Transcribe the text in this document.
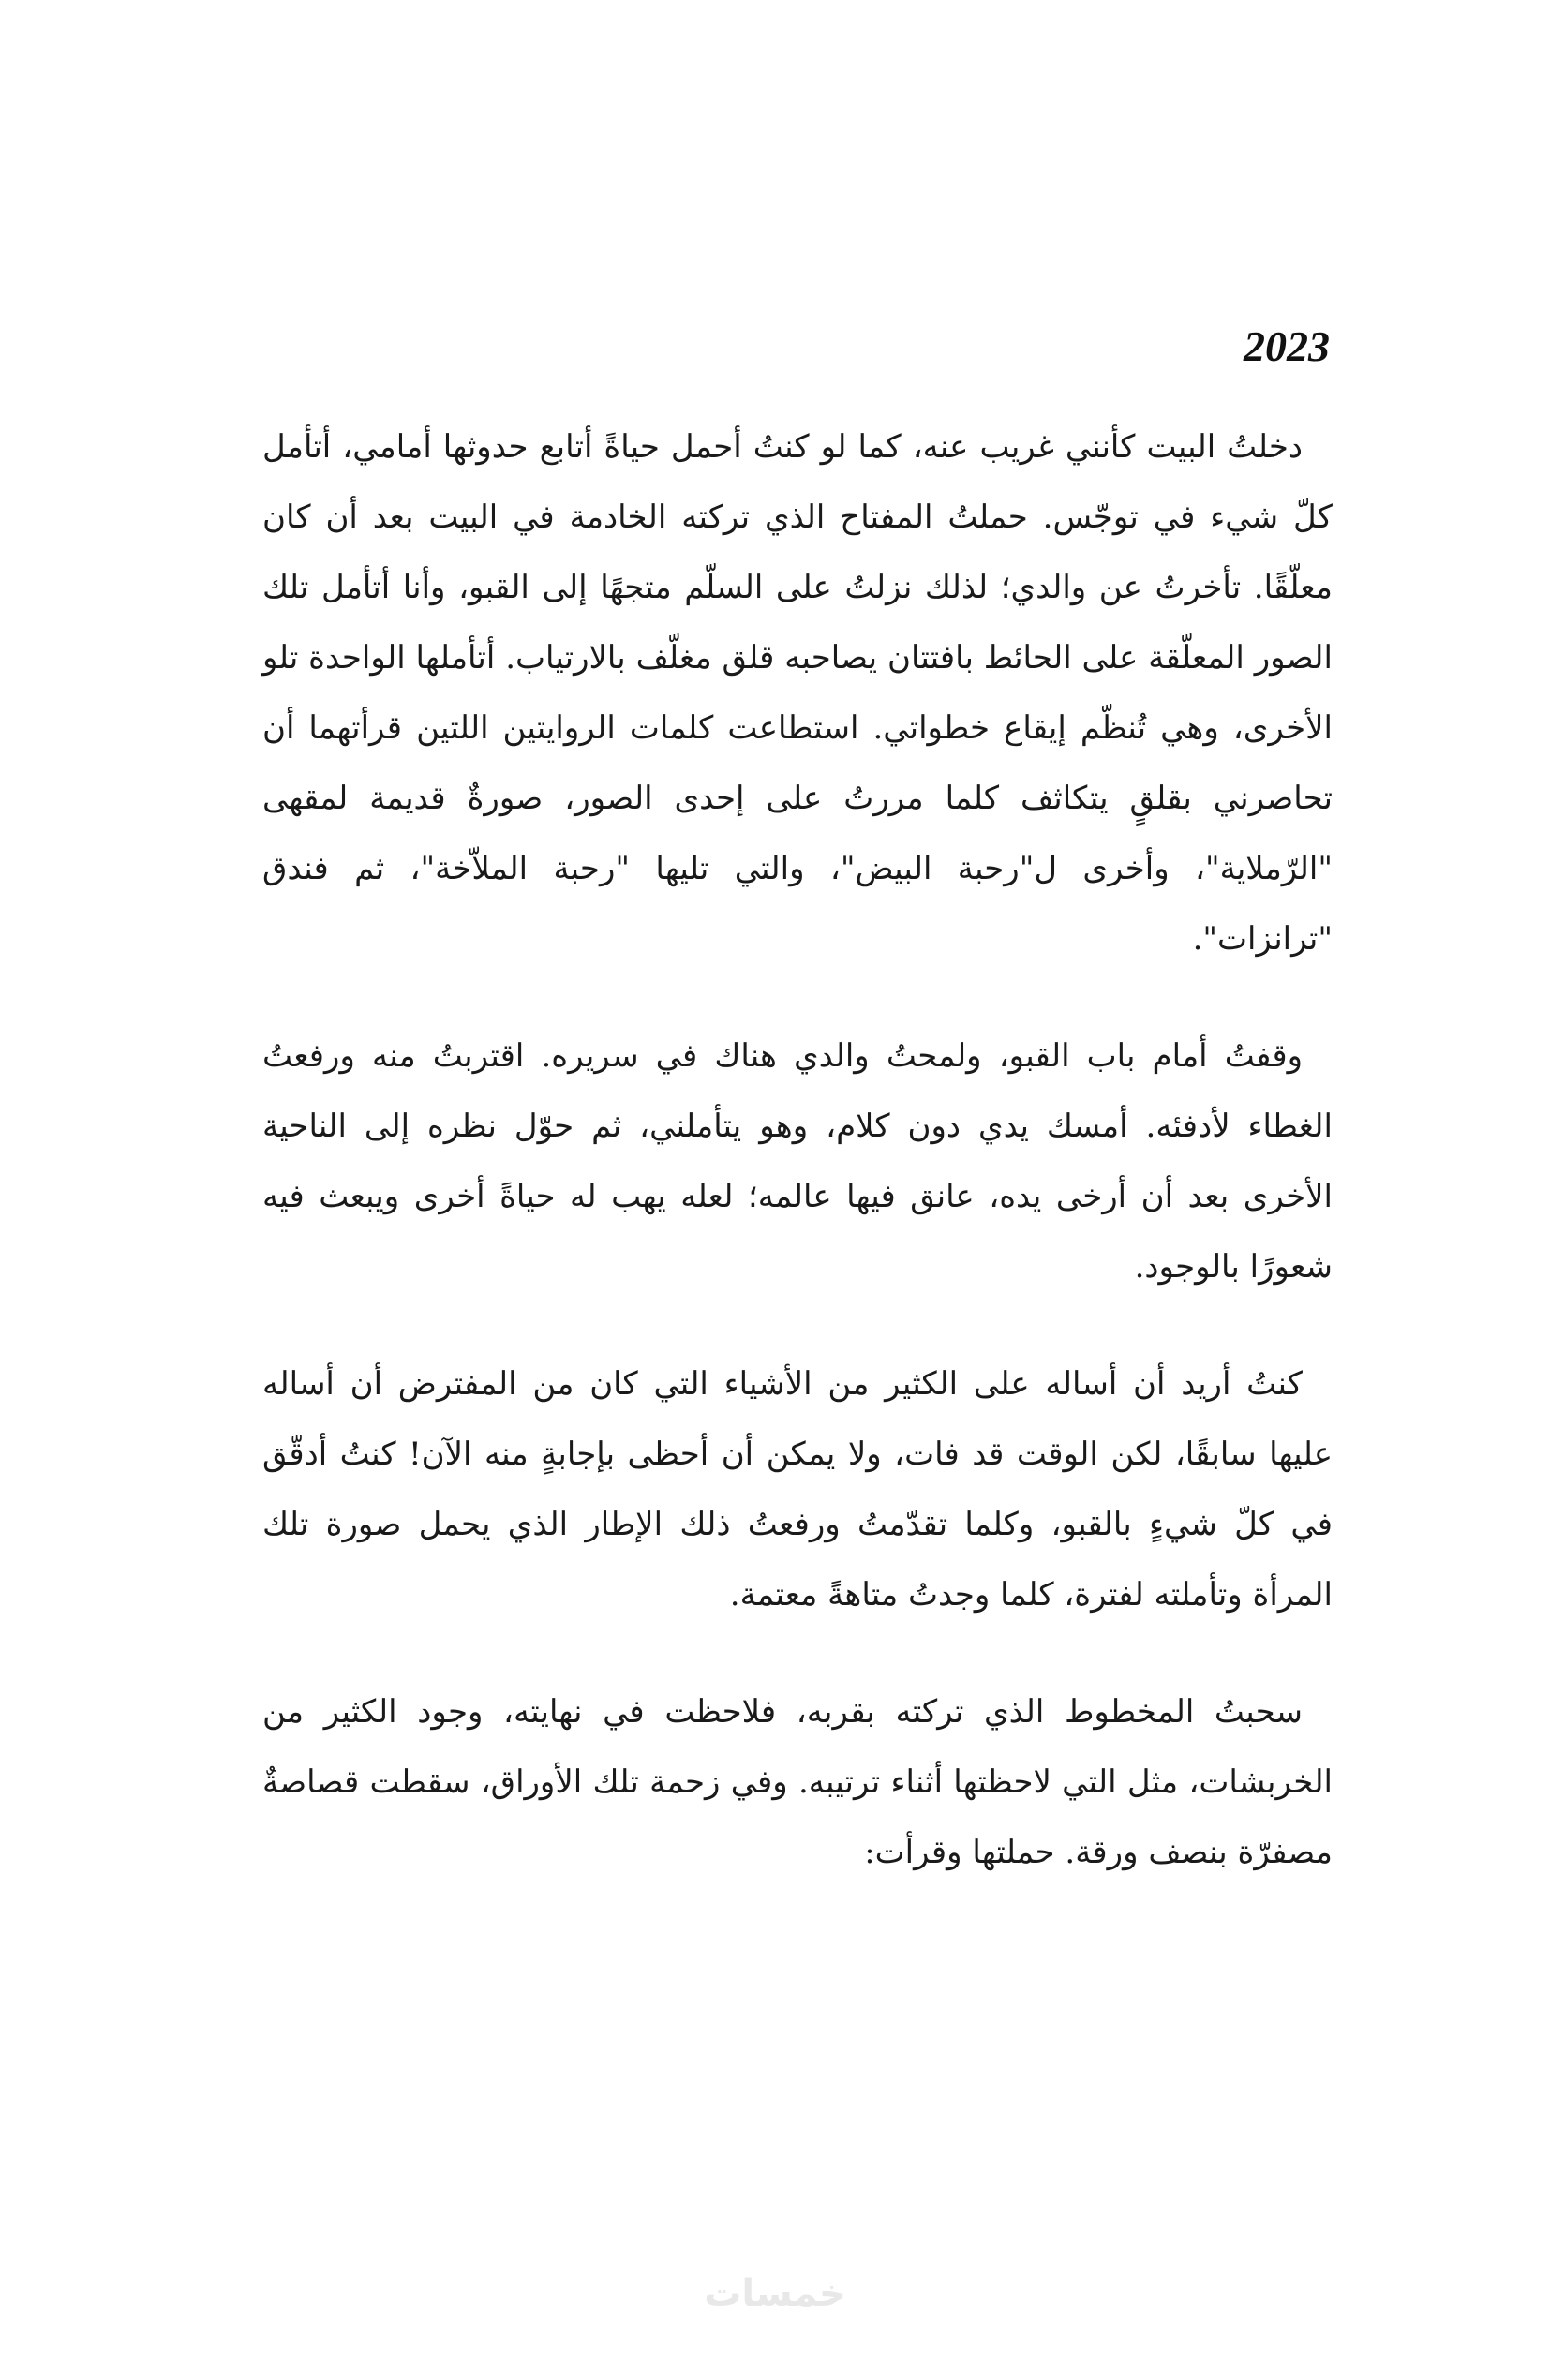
2023

دخلتُ البيت كأنني غريب عنه، كما لو كنتُ أحمل حياةً أتابع حدوثها أمامي، أتأمل كلّ شيء في توجّس. حملتُ المفتاح الذي تركته الخادمة في البيت بعد أن كان معلّقًا. تأخرتُ عن والدي؛ لذلك نزلتُ على السلّم متجهًا إلى القبو، وأنا أتأمل تلك الصور المعلّقة على الحائط بافتتان يصاحبه قلق مغلّف بالارتياب. أتأملها الواحدة تلو الأخرى، وهي تُنظّم إيقاع خطواتي. استطاعت كلمات الروايتين اللتين قرأتهما أن تحاصرني بقلقٍ يتكاثف كلما مررتُ على إحدى الصور، صورةٌ قديمة لمقهى "الرّملاية"، وأخرى ل"رحبة البيض"، والتي تليها "رحبة الملاّخة"، ثم فندق "ترانزات".

وقفتُ أمام باب القبو، ولمحتُ والدي هناك في سريره. اقتربتُ منه ورفعتُ الغطاء لأدفئه. أمسك يدي دون كلام، وهو يتأملني، ثم حوّل نظره إلى الناحية الأخرى بعد أن أرخى يده، عانق فيها عالمه؛ لعله يهب له حياةً أخرى ويبعث فيه شعورًا بالوجود.

كنتُ أريد أن أساله على الكثير من الأشياء التي كان من المفترض أن أساله عليها سابقًا، لكن الوقت قد فات، ولا يمكن أن أحظى بإجابةٍ منه الآن! كنتُ أدقّق في كلّ شيءٍ بالقبو، وكلما تقدّمتُ ورفعتُ ذلك الإطار الذي يحمل صورة تلك المرأة وتأملته لفترة، كلما وجدتُ متاهةً معتمة.

سحبتُ المخطوط الذي تركته بقربه، فلاحظت في نهايته، وجود الكثير من الخربشات، مثل التي لاحظتها أثناء ترتيبه. وفي زحمة تلك الأوراق، سقطت قصاصةٌ مصفرّة بنصف ورقة. حملتها وقرأت:

خمسات
